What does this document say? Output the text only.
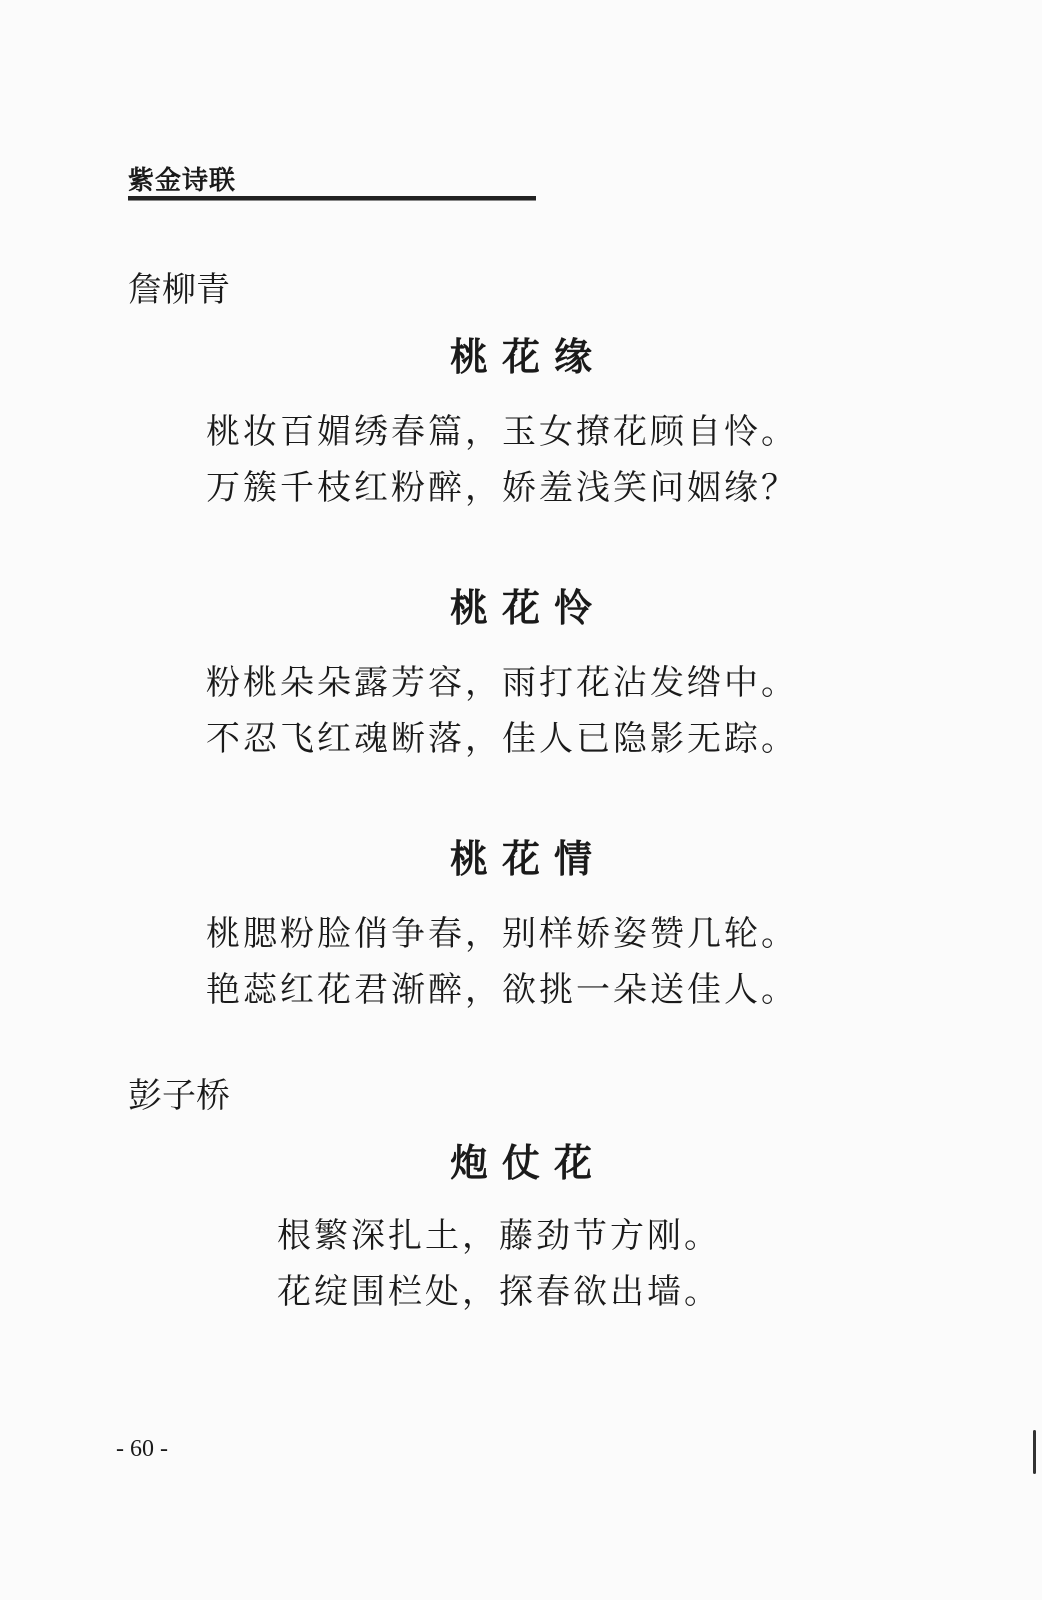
紫金诗联
詹柳青
桃花缘
桃妆百媚绣春篇，玉女撩花顾自怜。
万簇千枝红粉醉，娇羞浅笑问姻缘？
桃花怜
粉桃朵朵露芳容，雨打花沾发绺中。
不忍飞红魂断落，佳人已隐影无踪。
桃花情
桃腮粉脸俏争春，别样娇姿赞几轮。
艳蕊红花君渐醉，欲挑一朵送佳人。
彭子桥
炮仗花
根繁深扎土，藤劲节方刚。
花绽围栏处，探春欲出墙。
- 60 -
